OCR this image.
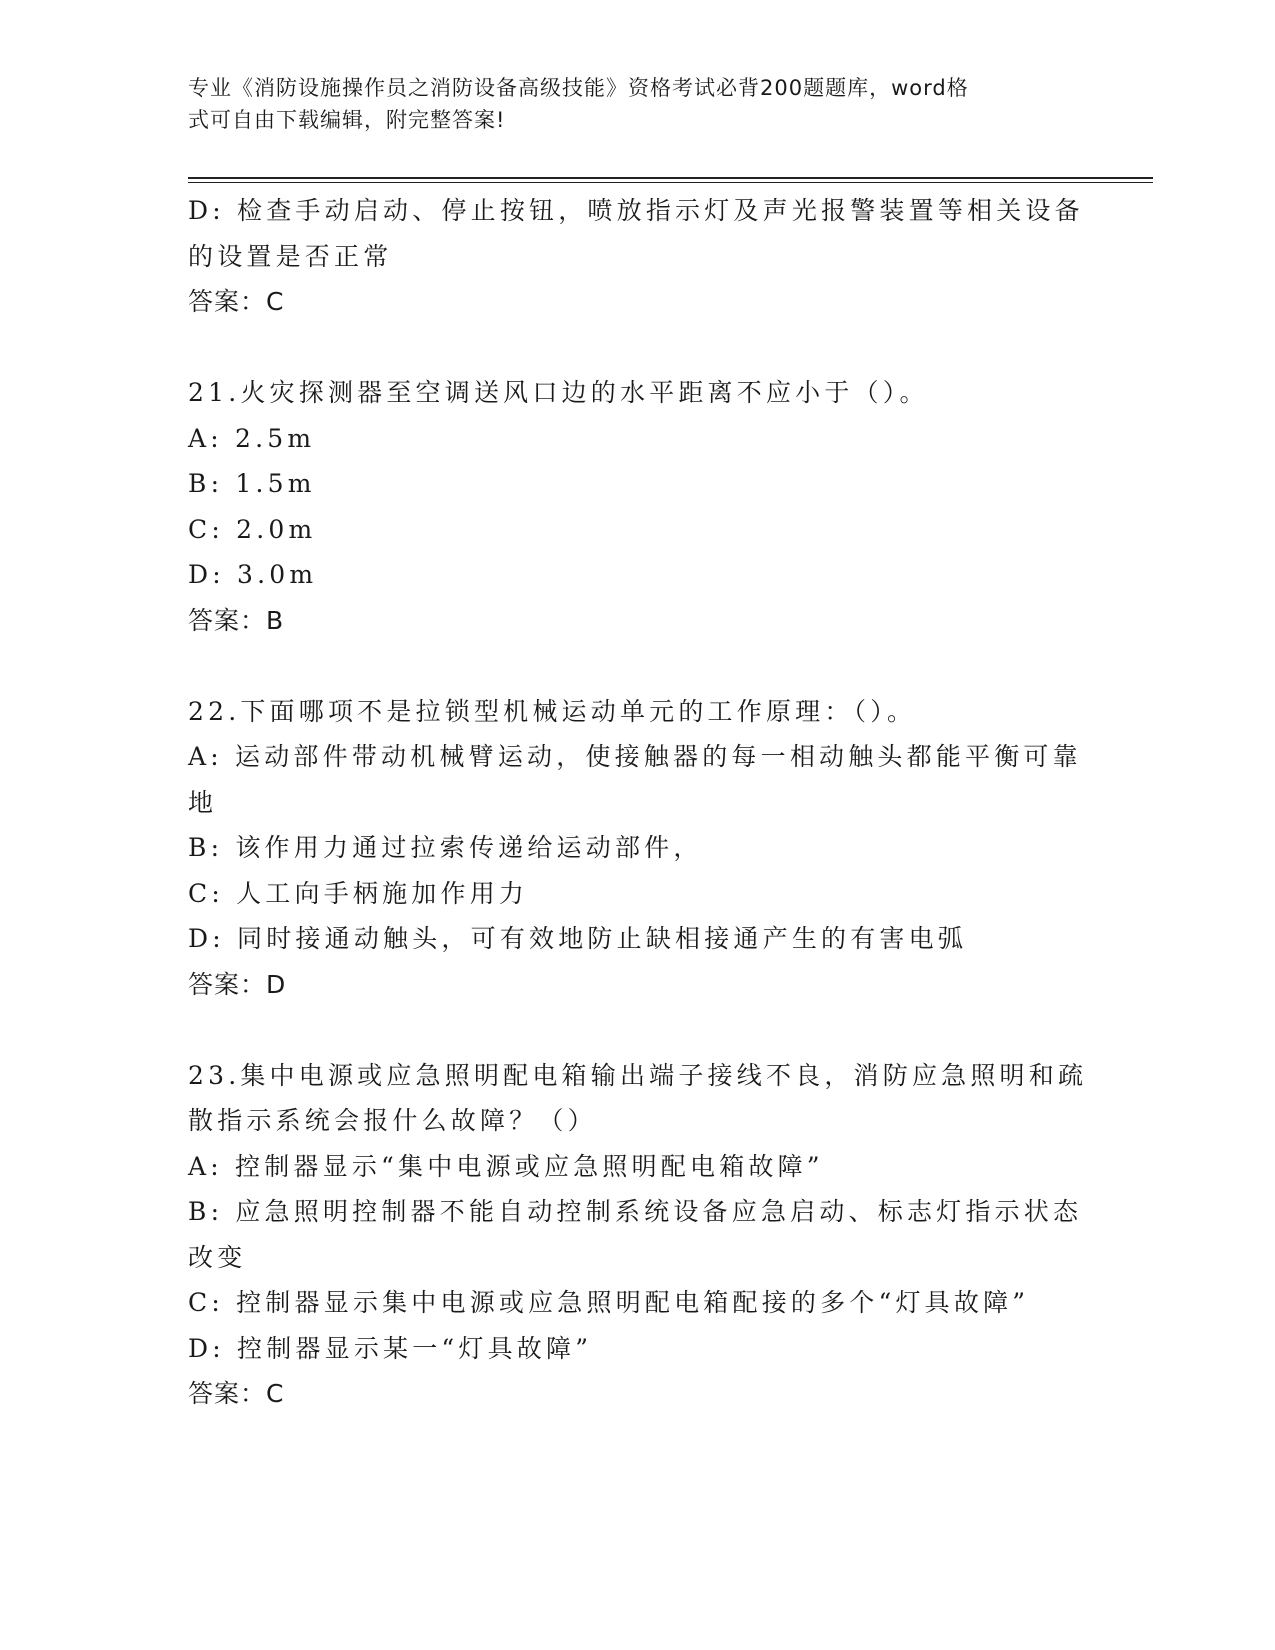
专业《消防设施操作员之消防设备高级技能》资格考试必背200题题库，word格
式可自由下载编辑，附完整答案!
D: 检查手动启动、停止按钮，喷放指示灯及声光报警装置等相关设备
的设置是否正常
答案：C
21.火灾探测器至空调送风口边的水平距离不应小于（）。
A: 2.5m
B: 1.5m
C: 2.0m
D: 3.0m
答案：B
22.下面哪项不是拉锁型机械运动单元的工作原理：（）。
A: 运动部件带动机械臂运动，使接触器的每一相动触头都能平衡可靠
地
B: 该作用力通过拉索传递给运动部件，
C: 人工向手柄施加作用力
D: 同时接通动触头，可有效地防止缺相接通产生的有害电弧
答案：D
23.集中电源或应急照明配电箱输出端子接线不良，消防应急照明和疏
散指示系统会报什么故障？（）
A: 控制器显示“集中电源或应急照明配电箱故障”
B: 应急照明控制器不能自动控制系统设备应急启动、标志灯指示状态
改变
C: 控制器显示集中电源或应急照明配电箱配接的多个“灯具故障”
D: 控制器显示某一“灯具故障”
答案：C
